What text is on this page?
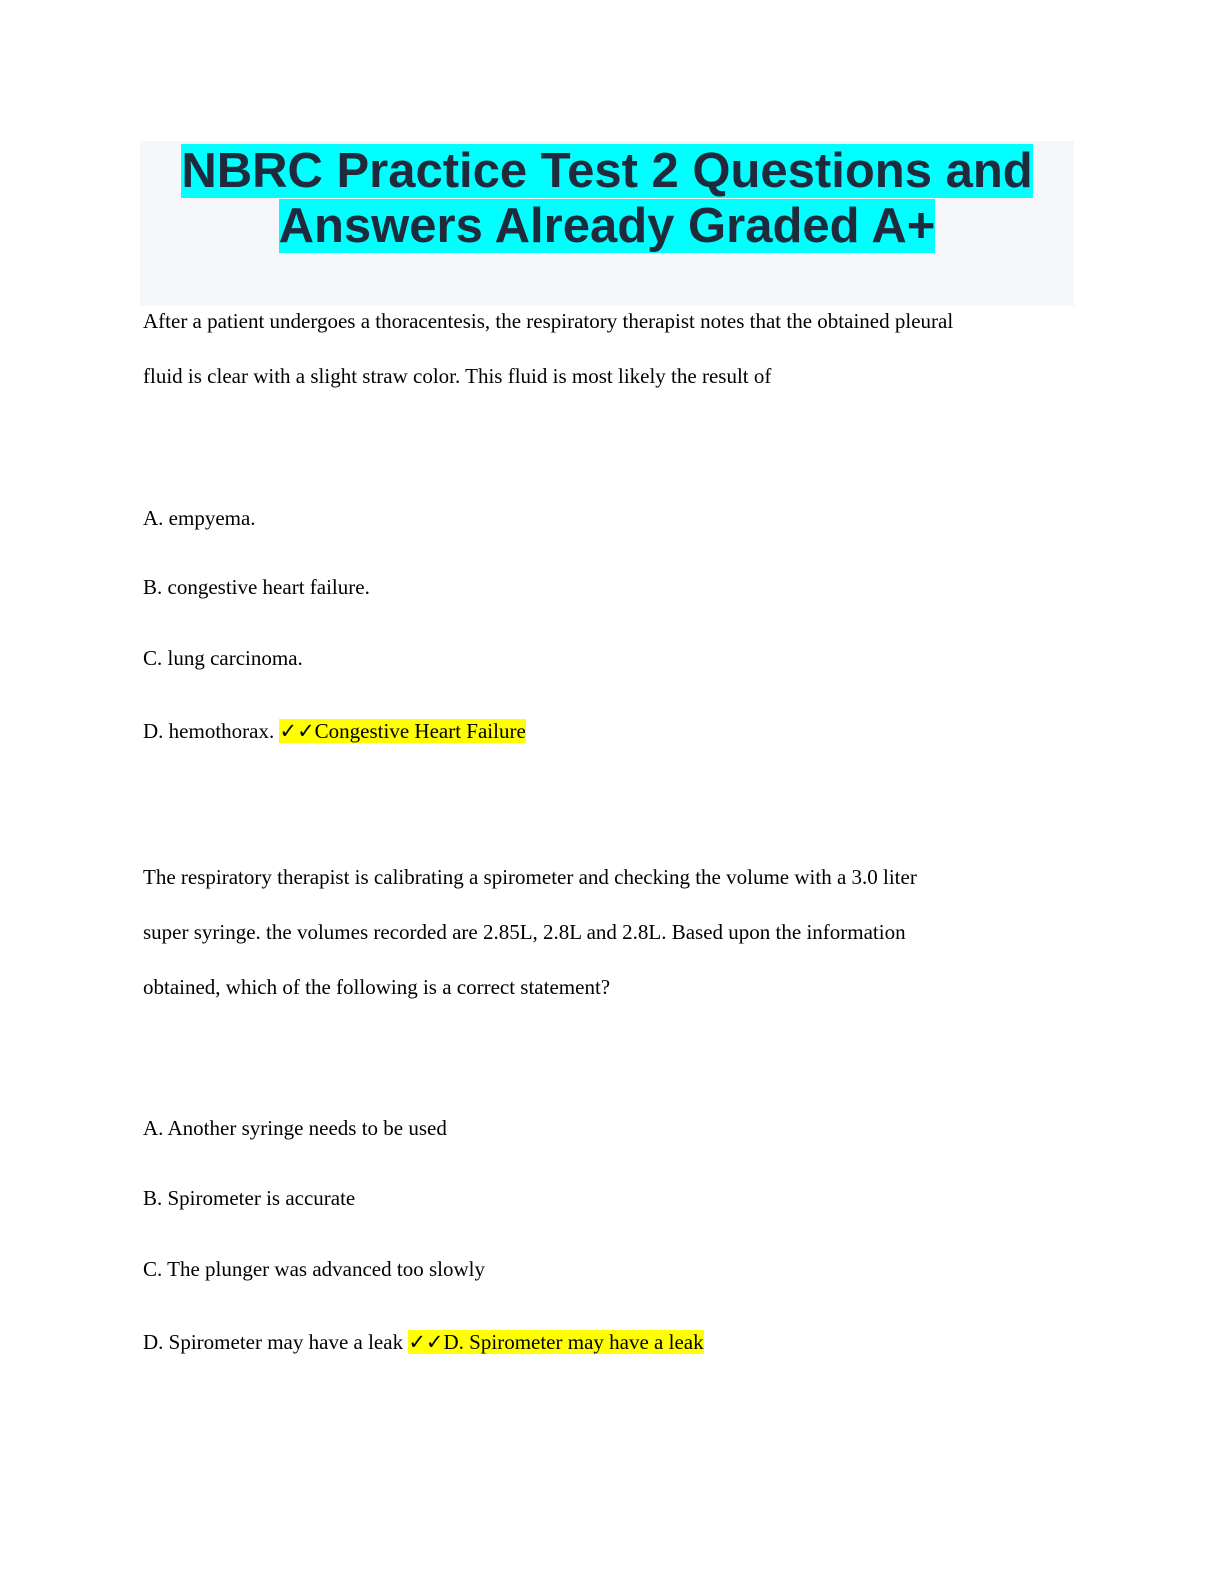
NBRC Practice Test 2 Questions and
Answers Already Graded A+
After a patient undergoes a thoracentesis, the respiratory therapist notes that the obtained pleural
fluid is clear with a slight straw color. This fluid is most likely the result of
A. empyema.
B. congestive heart failure.
C. lung carcinoma.
D. hemothorax. ✓✓Congestive Heart Failure
The respiratory therapist is calibrating a spirometer and checking the volume with a 3.0 liter
super syringe. the volumes recorded are 2.85L, 2.8L and 2.8L. Based upon the information
obtained, which of the following is a correct statement?
A. Another syringe needs to be used
B. Spirometer is accurate
C. The plunger was advanced too slowly
D. Spirometer may have a leak ✓✓D. Spirometer may have a leak
